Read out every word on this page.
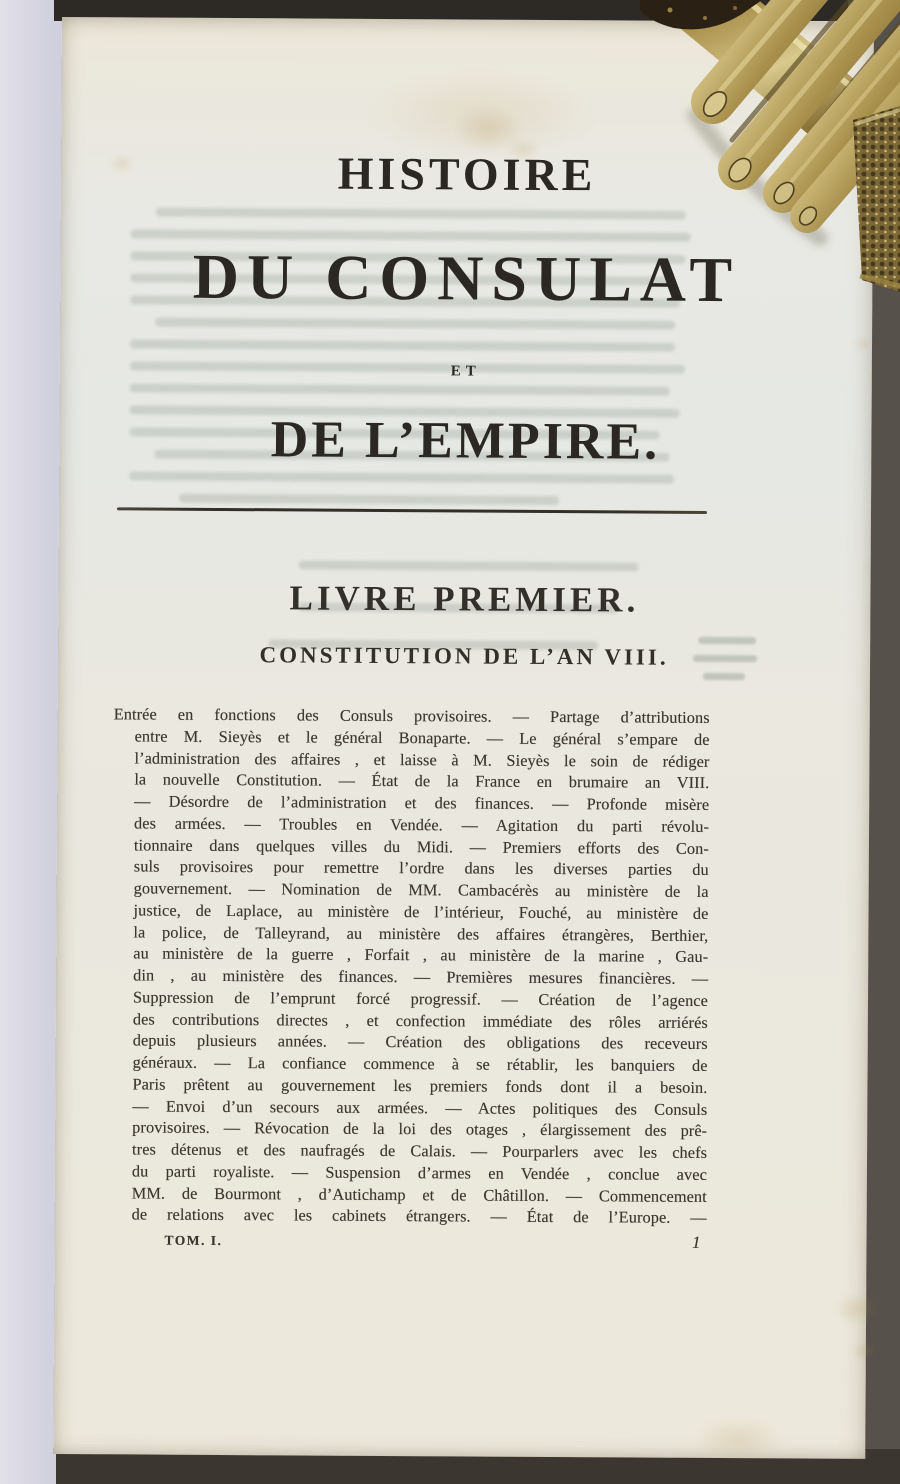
HISTOIRE
DU CONSULAT
ET
DE L’EMPIRE.
LIVRE PREMIER.
CONSTITUTION DE L’AN VIII.
Entrée en fonctions des Consuls provisoires. — Partage d’attributions
entre M. Sieyès et le général Bonaparte. — Le général s’empare de
l’administration des affaires , et laisse à M. Sieyès le soin de rédiger
la nouvelle Constitution. — État de la France en brumaire an VIII.
— Désordre de l’administration et des finances. — Profonde misère
des armées. — Troubles en Vendée. — Agitation du parti révolu-
tionnaire dans quelques villes du Midi. — Premiers efforts des Con-
suls provisoires pour remettre l’ordre dans les diverses parties du
gouvernement. — Nomination de MM. Cambacérès au ministère de la
justice, de Laplace, au ministère de l’intérieur, Fouché, au ministère de
la police, de Talleyrand, au ministère des affaires étrangères, Berthier,
au ministère de la guerre , Forfait , au ministère de la marine , Gau-
din , au ministère des finances. — Premières mesures financières. —
Suppression de l’emprunt forcé progressif. — Création de l’agence
des contributions directes , et confection immédiate des rôles arriérés
depuis plusieurs années. — Création des obligations des receveurs
généraux. — La confiance commence à se rétablir, les banquiers de
Paris prêtent au gouvernement les premiers fonds dont il a besoin.
— Envoi d’un secours aux armées. — Actes politiques des Consuls
provisoires. — Révocation de la loi des otages , élargissement des prê-
tres détenus et des naufragés de Calais. — Pourparlers avec les chefs
du parti royaliste. — Suspension d’armes en Vendée , conclue avec
MM. de Bourmont , d’Autichamp et de Châtillon. — Commencement
de relations avec les cabinets étrangers. — État de l’Europe. —
TOM. I.	1
